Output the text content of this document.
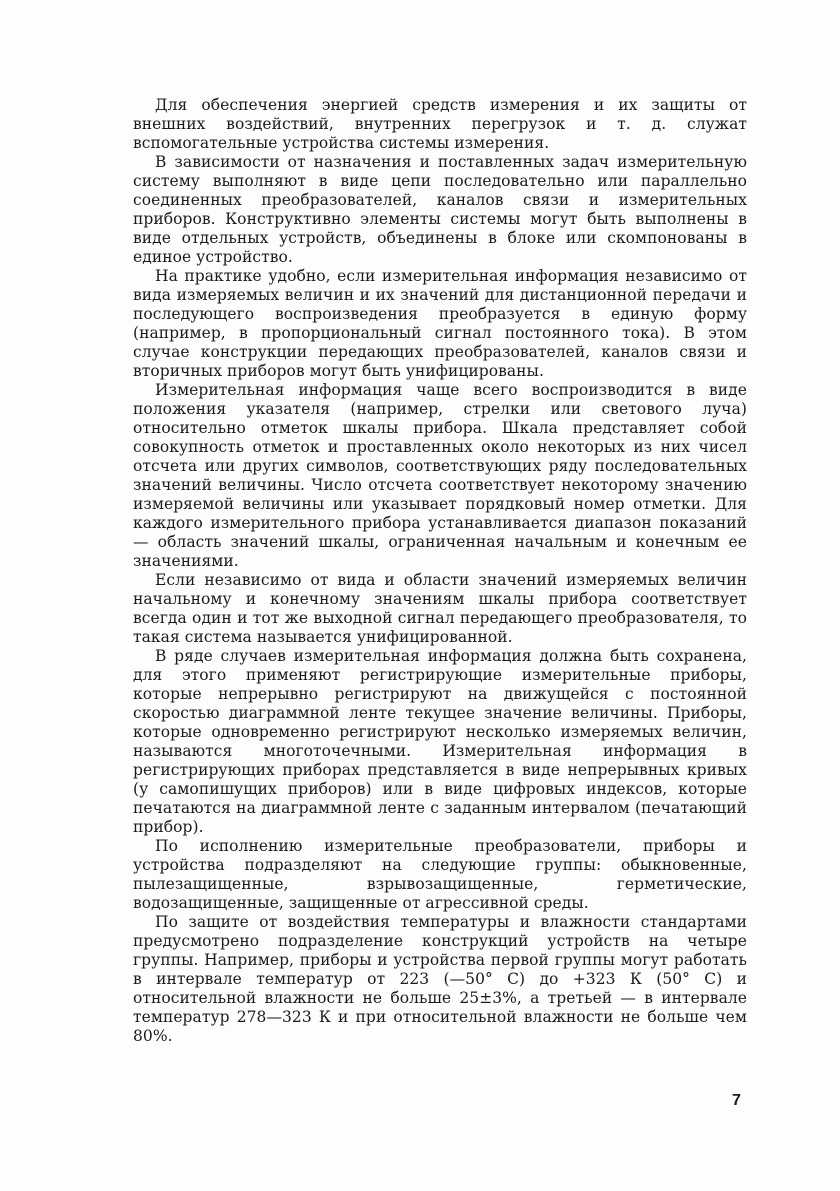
Для обеспечения энергией средств измерения и их защиты от внешних воздействий, внутренних перегрузок и т. д. служат вспомогательные устройства системы измерения.

В зависимости от назначения и поставленных задач измерительную систему выполняют в виде цепи последовательно или параллельно соединенных преобразователей, каналов связи и измерительных приборов. Конструктивно элементы системы могут быть выполнены в виде отдельных устройств, объединены в блоке или скомпонованы в единое устройство.

На практике удобно, если измерительная информация независимо от вида измеряемых величин и их значений для дистанционной передачи и последующего воспроизведения преобразуется в единую форму (например, в пропорциональный сигнал постоянного тока). В этом случае конструкции передающих преобразователей, каналов связи и вторичных приборов могут быть унифицированы.

Измерительная информация чаще всего воспроизводится в виде положения указателя (например, стрелки или светового луча) относительно отметок шкалы прибора. Шкала представляет собой совокупность отметок и проставленных около некоторых из них чисел отсчета или других символов, соответствующих ряду последовательных значений величины. Число отсчета соответствует некоторому значению измеряемой величины или указывает порядковый номер отметки. Для каждого измерительного прибора устанавливается диапазон показаний — область значений шкалы, ограниченная начальным и конечным ее значениями.

Если независимо от вида и области значений измеряемых величин начальному и конечному значениям шкалы прибора соответствует всегда один и тот же выходной сигнал передающего преобразователя, то такая система называется унифицированной.

В ряде случаев измерительная информация должна быть сохранена, для этого применяют регистрирующие измерительные приборы, которые непрерывно регистрируют на движущейся с постоянной скоростью диаграммной ленте текущее значение величины. Приборы, которые одновременно регистрируют несколько измеряемых величин, называются многоточечными. Измерительная информация в регистрирующих приборах представляется в виде непрерывных кривых (у самопишущих приборов) или в виде цифровых индексов, которые печатаются на диаграммной ленте с заданным интервалом (печатающий прибор).

По исполнению измерительные преобразователи, приборы и устройства подразделяют на следующие группы: обыкновенные, пылезащищенные, взрывозащищенные, герметические, водозащищенные, защищенные от агрессивной среды.

По защите от воздействия температуры и влажности стандартами предусмотрено подразделение конструкций устройств на четыре группы. Например, приборы и устройства первой группы могут работать в интервале температур от 223 (—50° С) до +323 К (50° С) и относительной влажности не больше 25±3%, а третьей — в интервале температур 278—323 К и при относительной влажности не больше чем 80%.

7
